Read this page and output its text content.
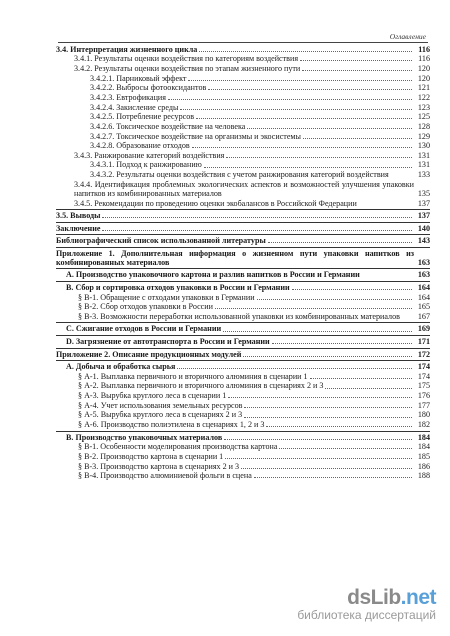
Оглавление
3.4. Интерпретация жизненного цикла	116
3.4.1. Результаты оценки воздействия по категориям воздействия	116
3.4.2. Результаты оценки воздействия по этапам жизненного пути	120
3.4.2.1. Парниковый эффект	120
3.4.2.2. Выбросы фотооксидантов	121
3.4.2.3. Евтрофикация	122
3.4.2.4. Закисление среды	123
3.4.2.5. Потребление ресурсов	125
3.4.2.6. Токсическое воздействие на человека	128
3.4.2.7. Токсическое воздействие на организмы и экосистемы	129
3.4.2.8. Образование отходов	130
3.4.3. Ранжирование категорий воздействия	131
3.4.3.1. Подход к ранжированию	131
3.4.3.2. Результаты оценки воздействия с учетом ранжирования категорий воздействия	133
3.4.4. Идентификация проблемных экологических аспектов и возможностей улучшения упаковки напитков из комбинированных материалов	135
3.4.5. Рекомендации по проведению оценки экобалансов в Российской Федерации	137
3.5. Выводы	137
Заключение	140
Библиографический список использованной литературы	143
Приложение 1. Дополнительная информация о жизненном пути упаковки напитков из комбинированных материалов	163
А. Производство упаковочного картона и разлив напитков в России и Германии	163
В. Сбор и сортировка отходов упаковки в России и Германии	164
§ В-1. Обращение с отходами упаковки в Германии	164
§ В-2. Сбор отходов упаковки в России	165
§ В-3. Возможности переработки использованной упаковки из комбинированных материалов	167
С. Сжигание отходов в России и Германии	169
D. Загрязнение от автотранспорта в России и Германии	171
Приложение 2. Описание продукционных модулей	172
А. Добыча и обработка сырья	174
§ А-1. Выплавка первичного и вторичного алюминия в сценарии 1	174
§ А-2. Выплавка первичного и вторичного алюминия в сценариях 2 и 3	175
§ А-3. Вырубка круглого леса в сценарии 1	176
§ А-4. Учет использования земельных ресурсов	177
§ А-5. Вырубка круглого леса в сценариях 2 и 3	180
§ А-6. Производство полиэтилена в сценариях 1, 2 и 3	182
В. Производство упаковочных материалов	184
§ В-1. Особенности моделирования производства картона	184
§ В-2. Производство картона в сценарии 1	185
§ В-3. Производство картона в сценариях 2 и 3	186
§ В-4. Производство алюминиевой фольги в сцена	188
dsLib.net
библиотека диссертаций
